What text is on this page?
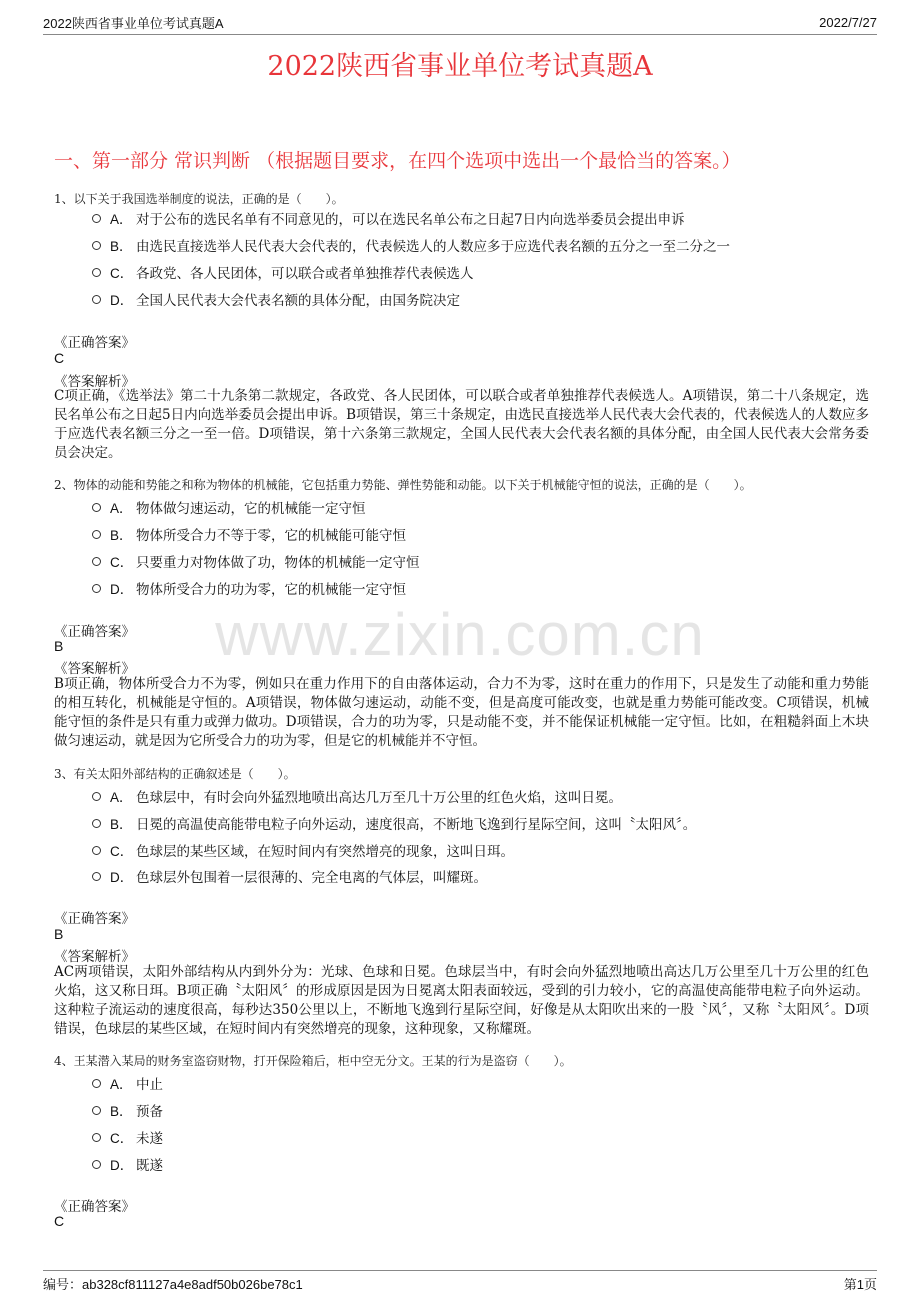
2022陕西省事业单位考试真题A	2022/7/27
2022陕西省事业单位考试真题A
一、第一部分 常识判断 （根据题目要求，在四个选项中选出一个最恰当的答案。）
www.zixin.com.cn

1、以下关于我国选举制度的说法，正确的是（　　）。

A． 对于公布的选民名单有不同意见的，可以在选民名单公布之日起7日内向选举委员会提出申诉
B． 由选民直接选举人民代表大会代表的，代表候选人的人数应多于应选代表名额的五分之一至二分之一
C． 各政党、各人民团体，可以联合或者单独推荐代表候选人
D． 全国人民代表大会代表名额的具体分配，由国务院决定
《正确答案》
C
《答案解析》

C项正确，《选举法》第二十九条第二款规定，各政党、各人民团体，可以联合或者单独推荐代表候选人。A项错误，第二十八条规定，选民名单公布之日起5日内向选举委员会提出申诉。B项错误，第三十条规定，由选民直接选举人民代表大会代表的，代表候选人的人数应多于应选代表名额三分之一至一倍。D项错误，第十六条第三款规定，全国人民代表大会代表名额的具体分配，由全国人民代表大会常务委员会决定。

2、物体的动能和势能之和称为物体的机械能，它包括重力势能、弹性势能和动能。以下关于机械能守恒的说法，正确的是（　　）。

A． 物体做匀速运动，它的机械能一定守恒
B． 物体所受合力不等于零，它的机械能可能守恒
C． 只要重力对物体做了功，物体的机械能一定守恒
D． 物体所受合力的功为零，它的机械能一定守恒
《正确答案》
B
《答案解析》

B项正确，物体所受合力不为零，例如只在重力作用下的自由落体运动，合力不为零，这时在重力的作用下，只是发生了动能和重力势能的相互转化，机械能是守恒的。A项错误，物体做匀速运动，动能不变，但是高度可能改变，也就是重力势能可能改变。C项错误，机械能守恒的条件是只有重力或弹力做功。D项错误，合力的功为零，只是动能不变，并不能保证机械能一定守恒。比如，在粗糙斜面上木块做匀速运动，就是因为它所受合力的功为零，但是它的机械能并不守恒。

3、有关太阳外部结构的正确叙述是（　　）。

A． 色球层中，有时会向外猛烈地喷出高达几万至几十万公里的红色火焰，这叫日冕。
B． 日冕的高温使高能带电粒子向外运动，速度很高，不断地飞逸到行星际空间，这叫〝太阳风〞。
C． 色球层的某些区域，在短时间内有突然增亮的现象，这叫日珥。
D． 色球层外包围着一层很薄的、完全电离的气体层，叫耀斑。
《正确答案》
B
《答案解析》

AC两项错误，太阳外部结构从内到外分为：光球、色球和日冕。色球层当中，有时会向外猛烈地喷出高达几万公里至几十万公里的红色火焰，这又称日珥。B项正确〝太阳风〞的形成原因是因为日冕离太阳表面较远，受到的引力较小，它的高温使高能带电粒子向外运动。这种粒子流运动的速度很高，每秒达350公里以上，不断地飞逸到行星际空间，好像是从太阳吹出来的一股〝风〞，又称〝太阳风〞。D项错误，色球层的某些区域，在短时间内有突然增亮的现象，这种现象，又称耀斑。

4、王某潜入某局的财务室盗窃财物，打开保险箱后，柜中空无分文。王某的行为是盗窃（　　）。

A． 中止
B． 预备
C． 未遂
D． 既遂
《正确答案》
C
编号：ab328cf811127a4e8adf50b026be78c1	第1页
